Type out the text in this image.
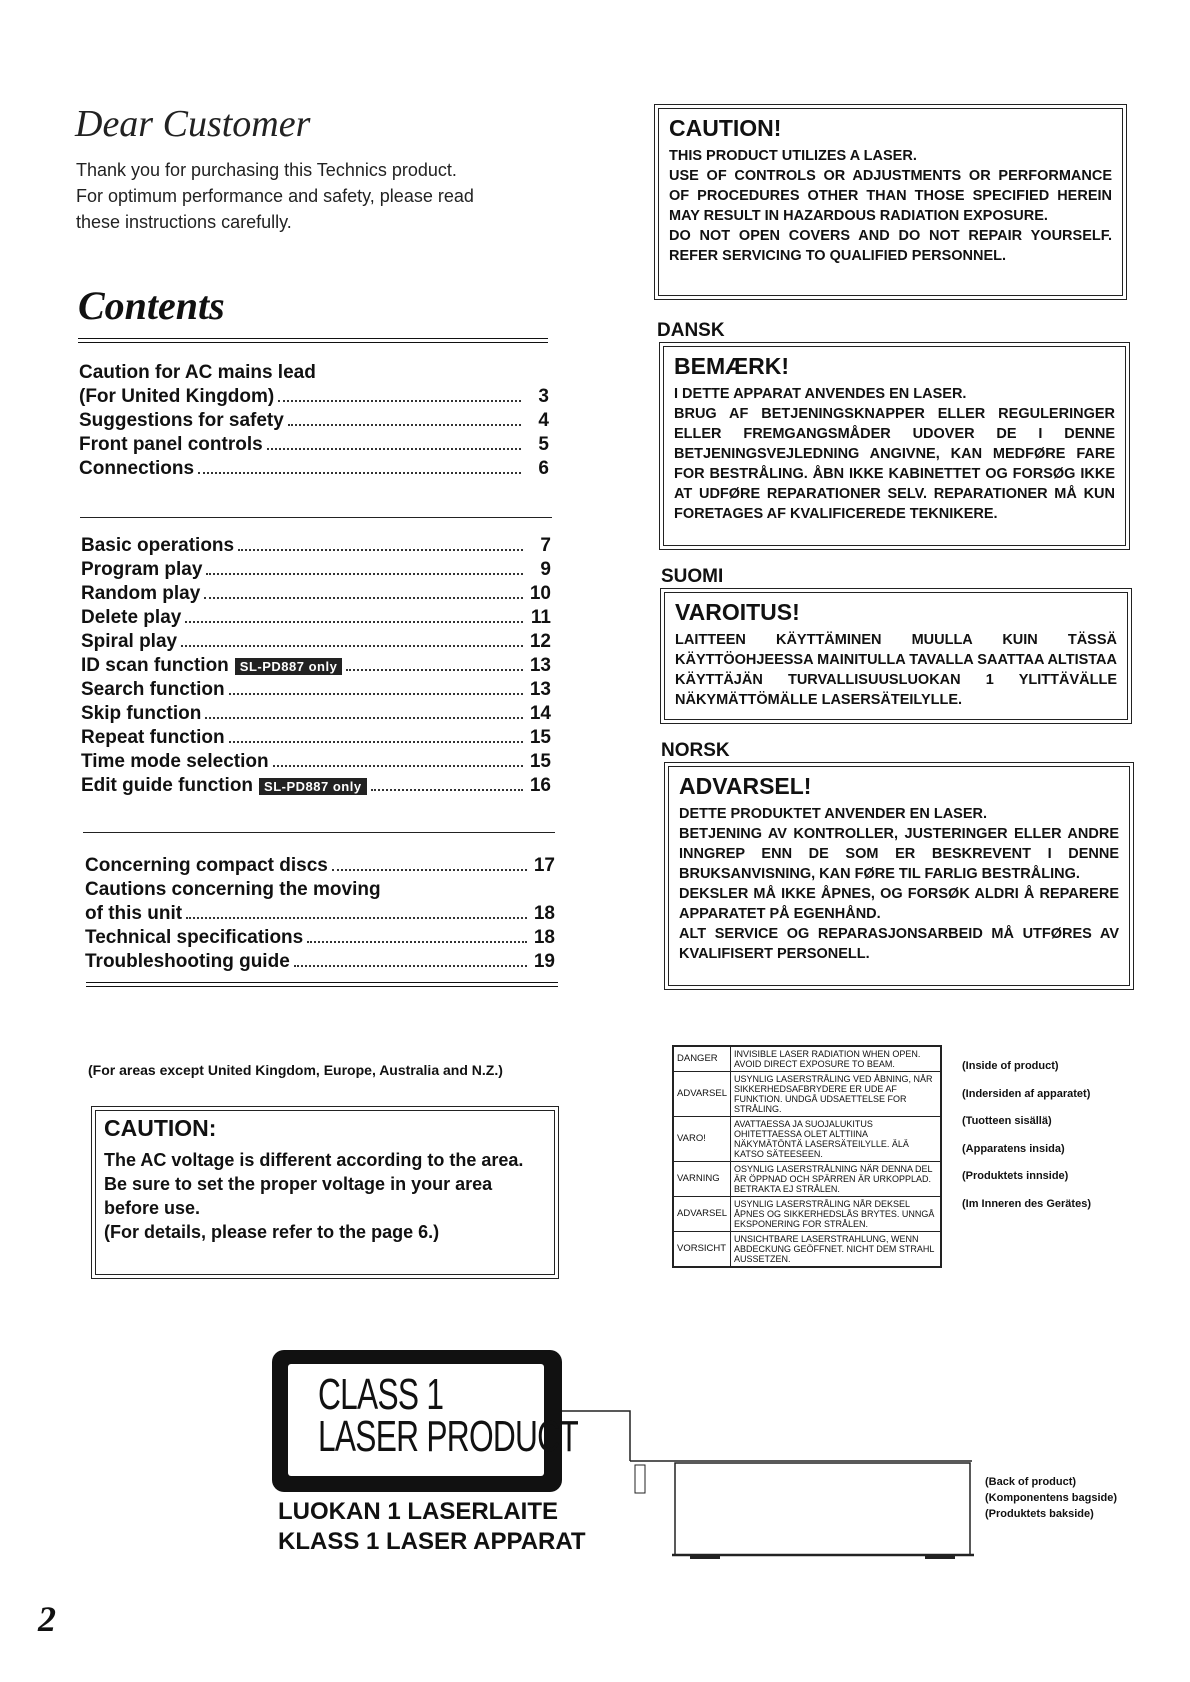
Dear Customer
Thank you for purchasing this Technics product.
For optimum performance and safety, please read
these instructions carefully.
Contents
Caution for AC mains lead
(For United Kingdom)	3
Suggestions for safety	4
Front panel controls	5
Connections	6
Basic operations	7
Program play	9
Random play	10
Delete play	11
Spiral play	12
ID scan function SL-PD887 only	13
Search function	13
Skip function	14
Repeat function	15
Time mode selection	15
Edit guide function SL-PD887 only	16
Concerning compact discs	17
Cautions concerning the moving
of this unit	18
Technical specifications	18
Troubleshooting guide	19
(For areas except United Kingdom, Europe, Australia and N.Z.)
CAUTION:
The AC voltage is different according to the area.
Be sure to set the proper voltage in your area before use.
(For details, please refer to the page 6.)
CAUTION!
THIS PRODUCT UTILIZES A LASER.
USE OF CONTROLS OR ADJUSTMENTS OR PERFORMANCE OF PROCEDURES OTHER THAN THOSE SPECIFIED HEREIN MAY RESULT IN HAZARDOUS RADIATION EXPOSURE.
DO NOT OPEN COVERS AND DO NOT REPAIR YOURSELF. REFER SERVICING TO QUALIFIED PERSONNEL.
DANSK
BEMÆRK!
I DETTE APPARAT ANVENDES EN LASER.
BRUG AF BETJENINGSKNAPPER ELLER REGULERINGER ELLER FREMGANGSMÅDER UDOVER DE I DENNE BETJENINGSVEJLEDNING ANGIVNE, KAN MEDFØRE FARE FOR BESTRÅLING. ÅBN IKKE KABINETTET OG FORSØG IKKE AT UDFØRE REPARATIONER SELV. REPARATIONER MÅ KUN FORETAGES AF KVALIFICEREDE TEKNIKERE.
SUOMI
VAROITUS!
LAITTEEN KÄYTTÄMINEN MUULLA KUIN TÄSSÄ KÄYTTÖOHJEESSA MAINITULLA TAVALLA SAATTAA ALTISTAA KÄYTTÄJÄN TURVALLISUUSLUOKAN 1 YLITTÄVÄLLE NÄKYMÄTTÖMÄLLE LASERSÄTEILYLLE.
NORSK
ADVARSEL!
DETTE PRODUKTET ANVENDER EN LASER.
BETJENING AV KONTROLLER, JUSTERINGER ELLER ANDRE INNGREP ENN DE SOM ER BESKREVENT I DENNE BRUKSANVISNING, KAN FØRE TIL FARLIG BESTRÅLING.
DEKSLER MÅ IKKE ÅPNES, OG FORSØK ALDRI Å REPARERE APPARATET PÅ EGENHÅND.
ALT SERVICE OG REPARASJONSARBEID MÅ UTFØRES AV KVALIFISERT PERSONELL.
DANGER	INVISIBLE LASER RADIATION WHEN OPEN. AVOID DIRECT EXPOSURE TO BEAM.
ADVARSEL	USYNLIG LASERSTRÅLING VED ÅBNING, NÅR SIKKERHEDSAFBRYDERE ER UDE AF FUNKTION. UNDGÅ UDSAETTELSE FOR STRÅLING.
VARO!	AVATTAESSA JA SUOJALUKITUS OHITETTAESSA OLET ALTTIINA NÄKYMÄTÖNTÄ LASERSÄTEILYLLE. ÄLÄ KATSO SÄTEESEEN.
VARNING	OSYNLIG LASERSTRÅLNING NÄR DENNA DEL ÄR ÖPPNAD OCH SPÄRREN ÄR URKOPPLAD. BETRAKTA EJ STRÅLEN.
ADVARSEL	USYNLIG LASERSTRÅLING NÅR DEKSEL ÅPNES OG SIKKERHEDSLÅS BRYTES. UNNGÅ EKSPONERING FOR STRÅLEN.
VORSICHT	UNSICHTBARE LASERSTRAHLUNG, WENN ABDECKUNG GEÖFFNET. NICHT DEM STRAHL AUSSETZEN.
(Inside of product)
(Indersiden af apparatet)
(Tuotteen sisällä)
(Apparatens insida)
(Produktets innside)
(Im Inneren des Gerätes)
CLASS 1
LASER PRODUCT
LUOKAN 1 LASERLAITE
KLASS 1 LASER APPARAT
(Back of product)
(Komponentens bagside)
(Produktets bakside)
2
